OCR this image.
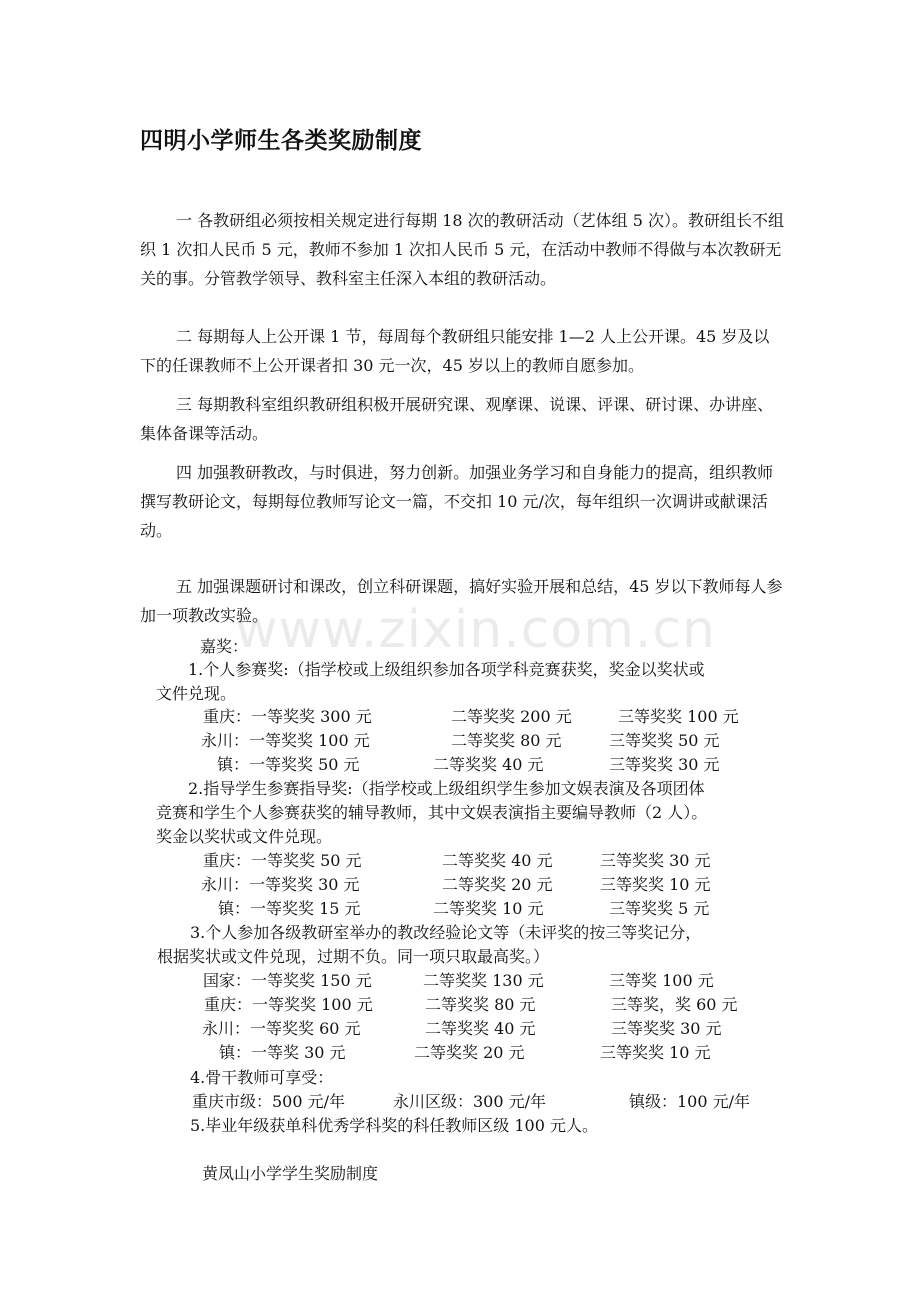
四明小学师生各类奖励制度
一 各教研组必须按相关规定进行每期 18 次的教研活动（艺体组 5 次）。教研组长不组织 1 次扣人民币 5 元，教师不参加 1 次扣人民币 5 元，在活动中教师不得做与本次教研无关的事。分管教学领导、教科室主任深入本组的教研活动。
二 每期每人上公开课 1 节，每周每个教研组只能安排 1—2 人上公开课。45 岁及以下的任课教师不上公开课者扣 30 元一次，45 岁以上的教师自愿参加。
三 每期教科室组织教研组积极开展研究课、观摩课、说课、评课、研讨课、办讲座、集体备课等活动。
四 加强教研教改，与时俱进，努力创新。加强业务学习和自身能力的提高，组织教师撰写教研论文，每期每位教师写论文一篇，不交扣 10 元/次，每年组织一次调讲或献课活动。
五 加强课题研讨和课改，创立科研课题，搞好实验开展和总结，45 岁以下教师每人参加一项教改实验。
www.zixin.com.cn
嘉奖：
1.个人参赛奖:（指学校或上级组织参加各项学科竞赛获奖，奖金以奖状或
文件兑现。
重庆：一等奖奖 300 元	二等奖奖 200 元	三等奖奖 100 元
永川：一等奖奖 100 元	二等奖奖 80 元	三等奖奖 50 元
镇：一等奖奖 50 元	二等奖奖 40 元	三等奖奖 30 元
2.指导学生参赛指导奖:（指学校或上级组织学生参加文娱表演及各项团体
竞赛和学生个人参赛获奖的辅导教师，其中文娱表演指主要编导教师（2 人）。
奖金以奖状或文件兑现。
重庆：一等奖奖 50 元	二等奖奖 40 元	三等奖奖 30 元
永川：一等奖奖 30 元	二等奖奖 20 元	三等奖奖 10 元
镇：一等奖奖 15 元	二等奖奖 10 元	三等奖奖 5 元
3.个人参加各级教研室举办的教改经验论文等（未评奖的按三等奖记分，
根据奖状或文件兑现，过期不负。同一项只取最高奖。）
国家：一等奖奖 150 元	二等奖奖 130 元	三等奖 100 元
重庆：一等奖奖 100 元	二等奖奖 80 元	三等奖，奖 60 元
永川：一等奖奖 60 元	二等奖奖 40 元	三等奖奖 30 元
镇：一等奖 30 元	二等奖奖 20 元	三等奖奖 10 元
4.骨干教师可享受：
重庆市级：500 元/年	永川区级：300 元/年	镇级：100 元/年
5.毕业年级获单科优秀学科奖的科任教师区级 100 元人。
黄凤山小学学生奖励制度
